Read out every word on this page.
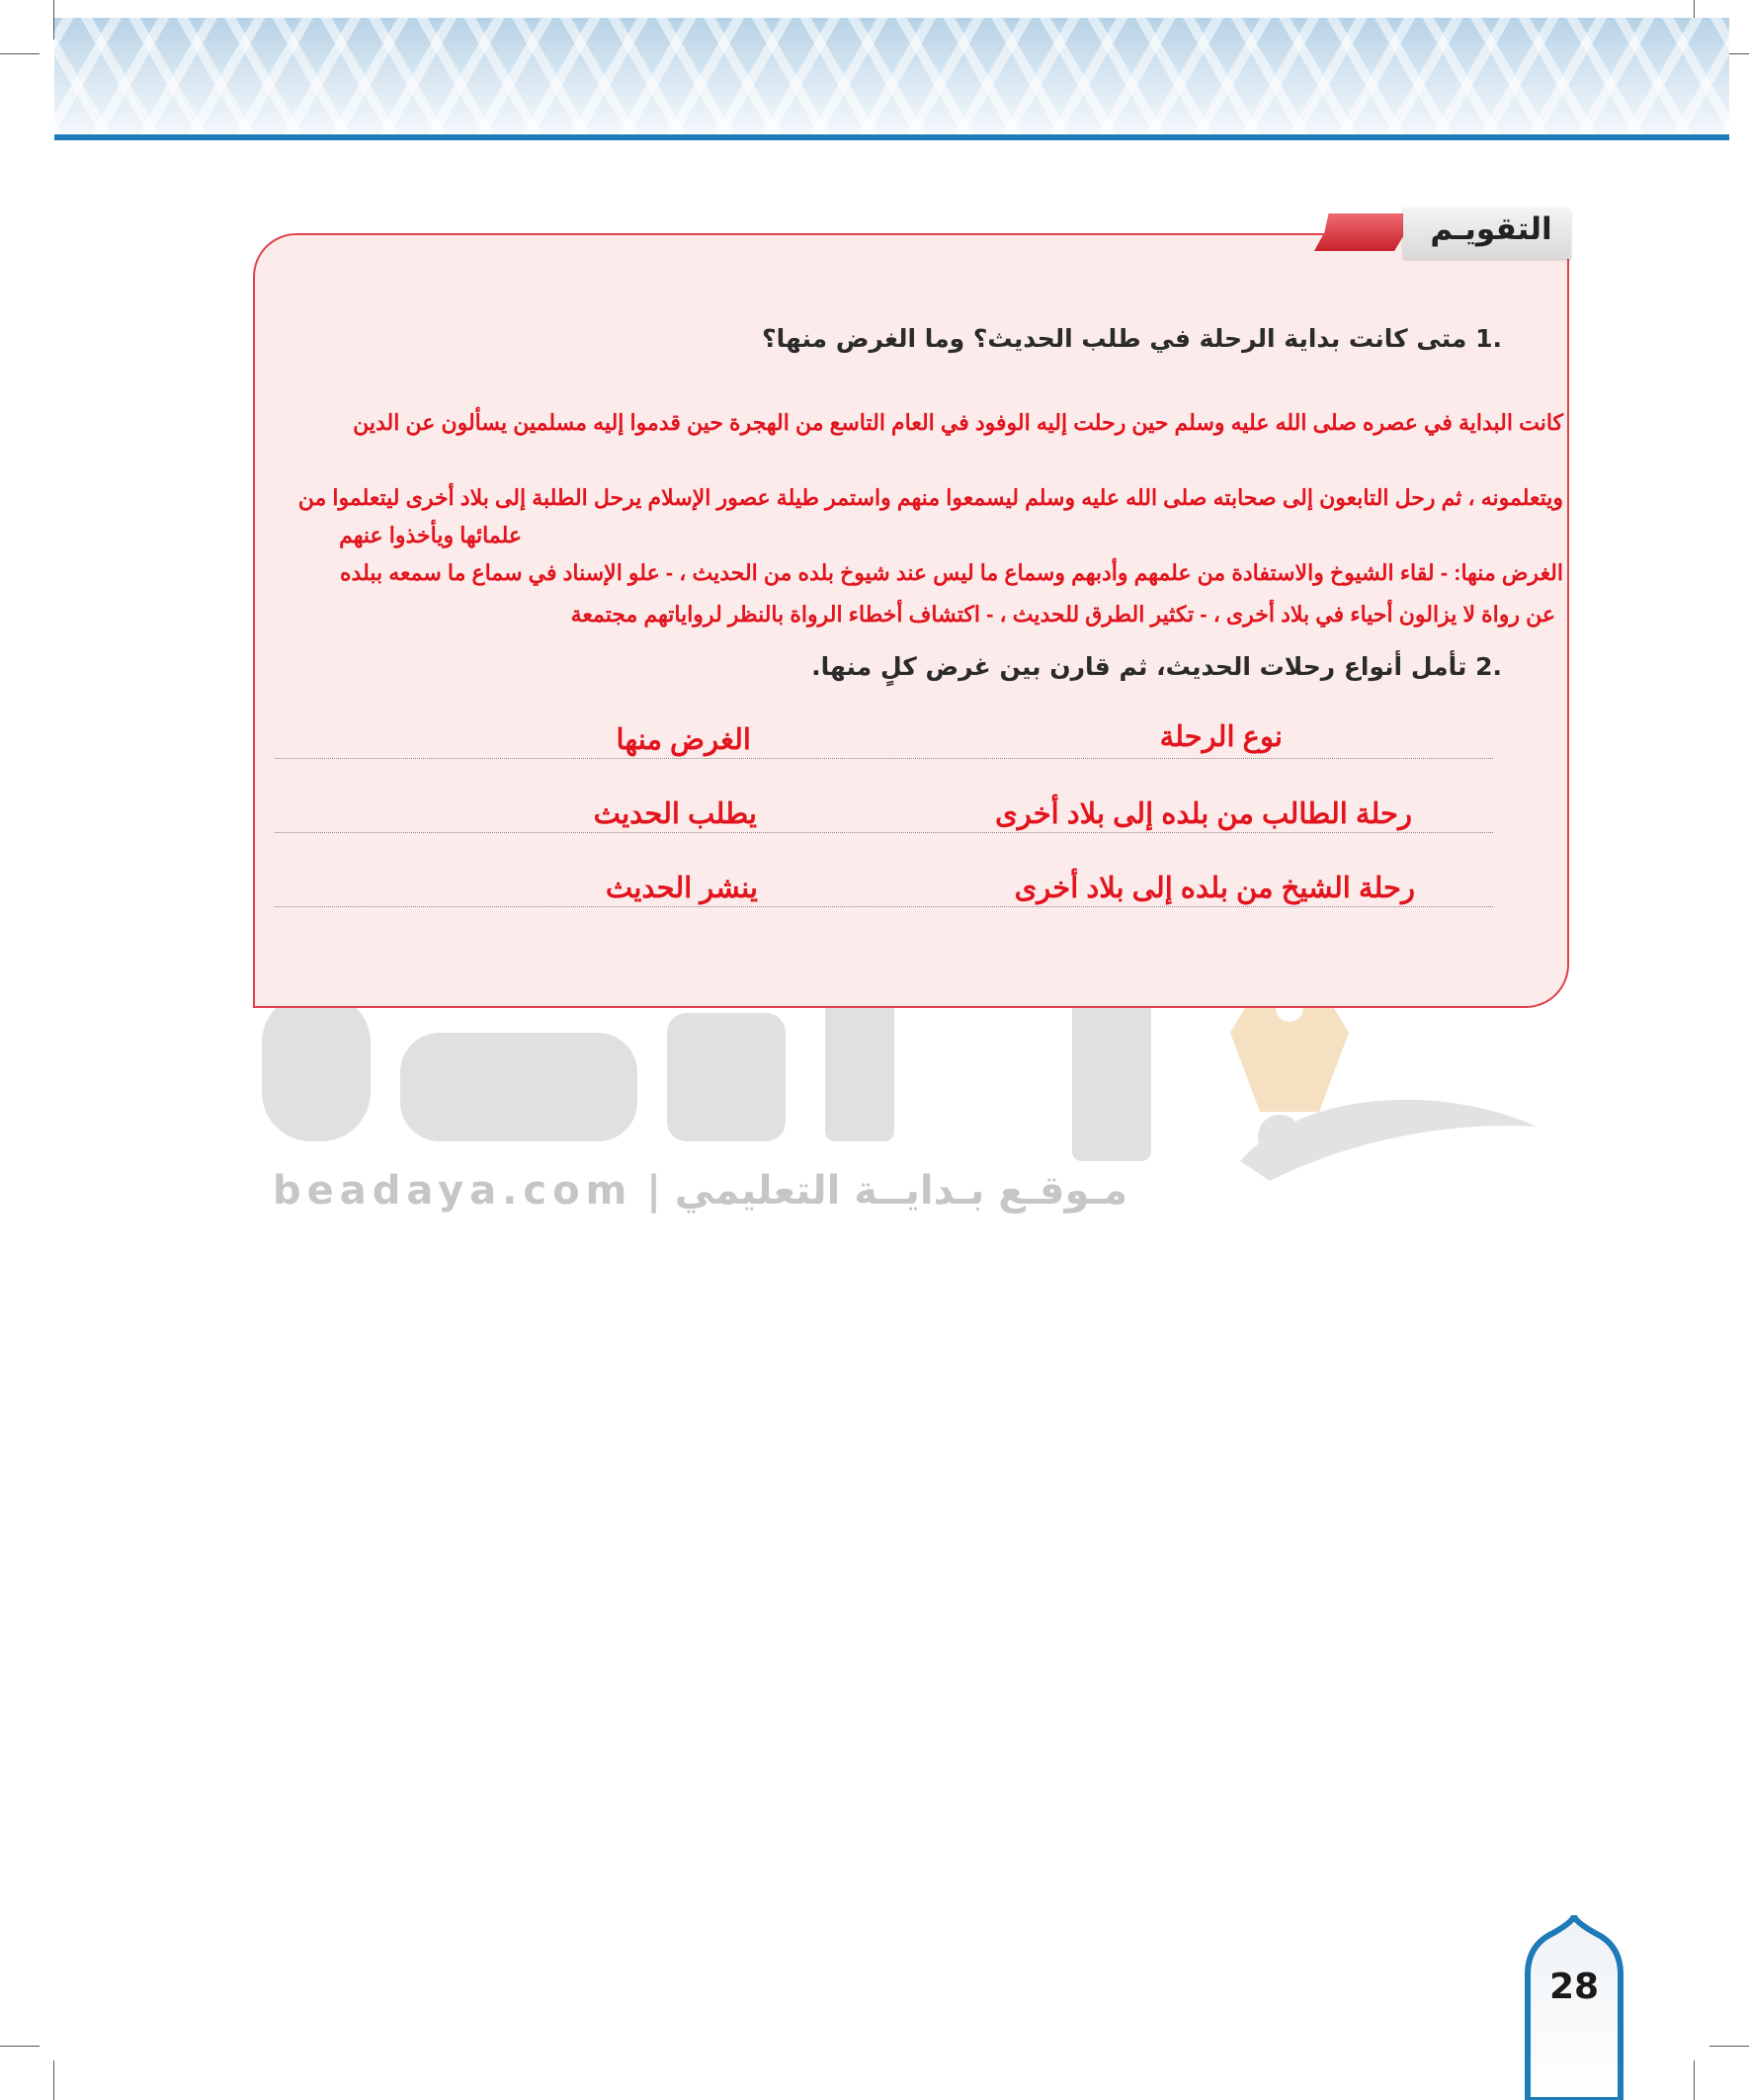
مـوقـع بـدايــة التعليمي | beadaya.com
التقويـم
.1 متى كانت بداية الرحلة في طلب الحديث؟ وما الغرض منها؟
كانت البداية في عصره صلى الله عليه وسلم حين رحلت إليه الوفود في العام التاسع من الهجرة حين قدموا إليه مسلمين يسألون عن الدين
ويتعلمونه ، ثم رحل التابعون إلى صحابته صلى الله عليه وسلم ليسمعوا منهم واستمر طيلة عصور الإسلام يرحل الطلبة إلى بلاد أخرى ليتعلموا من
علمائها ويأخذوا عنهم
الغرض منها: - لقاء الشيوخ والاستفادة من علمهم وأدبهم وسماع ما ليس عند شيوخ بلده من الحديث ، - علو الإسناد في سماع ما سمعه ببلده
عن رواة لا يزالون أحياء في بلاد أخرى ، - تكثير الطرق للحديث ، - اكتشاف أخطاء الرواة بالنظر لرواياتهم مجتمعة
.2 تأمل أنواع رحلات الحديث، ثم قارن بين غرض كلٍ منها.
نوع الرحلة
الغرض منها
رحلة الطالب من بلده إلى بلاد أخرى
يطلب الحديث
رحلة الشيخ من بلده إلى بلاد أخرى
ينشر الحديث
28
